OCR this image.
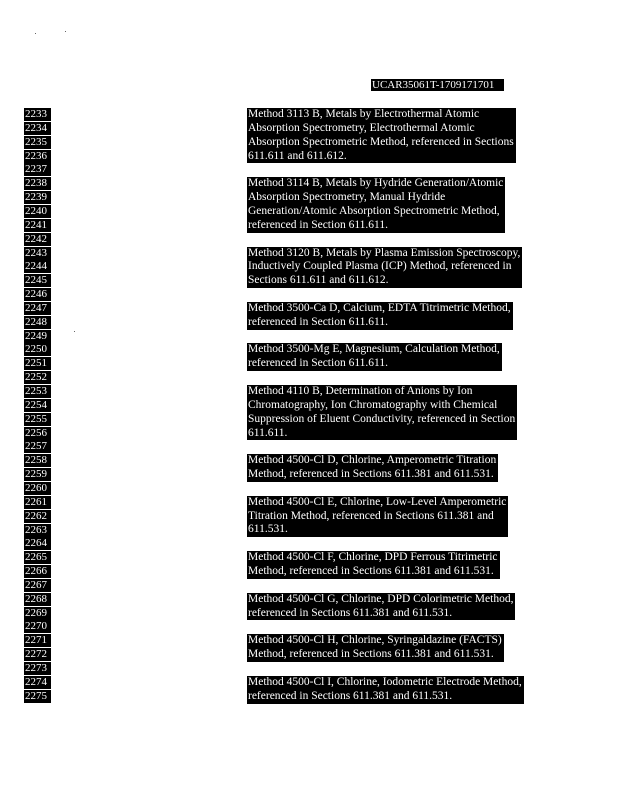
UCAR35061T-1709171701
2233
2234
2235
2236
2237
2238
2239
2240
2241
2242
2243
2244
2245
2246
2247
2248
2249
2250
2251
2252
2253
2254
2255
2256
2257
2258
2259
2260
2261
2262
2263
2264
2265
2266
2267
2268
2269
2270
2271
2272
2273
2274
2275
Method 3113 B, Metals by Electrothermal Atomic
Absorption Spectrometry, Electrothermal Atomic
Absorption Spectrometric Method, referenced in Sections
611.611 and 611.612.
Method 3114 B, Metals by Hydride Generation/Atomic
Absorption Spectrometry, Manual Hydride
Generation/Atomic Absorption Spectrometric Method,
referenced in Section 611.611.
Method 3120 B, Metals by Plasma Emission Spectroscopy,
Inductively Coupled Plasma (ICP) Method, referenced in
Sections 611.611 and 611.612.
Method 3500-Ca D, Calcium, EDTA Titrimetric Method,
referenced in Section 611.611.
Method 3500-Mg E, Magnesium, Calculation Method,
referenced in Section 611.611.
Method 4110 B, Determination of Anions by Ion
Chromatography, Ion Chromatography with Chemical
Suppression of Eluent Conductivity, referenced in Section
611.611.
Method 4500-Cl D, Chlorine, Amperometric Titration
Method, referenced in Sections 611.381 and 611.531.
Method 4500-Cl E, Chlorine, Low-Level Amperometric
Titration Method, referenced in Sections 611.381 and
611.531.
Method 4500-Cl F, Chlorine, DPD Ferrous Titrimetric
Method, referenced in Sections 611.381 and 611.531.
Method 4500-Cl G, Chlorine, DPD Colorimetric Method,
referenced in Sections 611.381 and 611.531.
Method 4500-Cl H, Chlorine, Syringaldazine (FACTS)
Method, referenced in Sections 611.381 and 611.531.
Method 4500-Cl I, Chlorine, Iodometric Electrode Method,
referenced in Sections 611.381 and 611.531.
